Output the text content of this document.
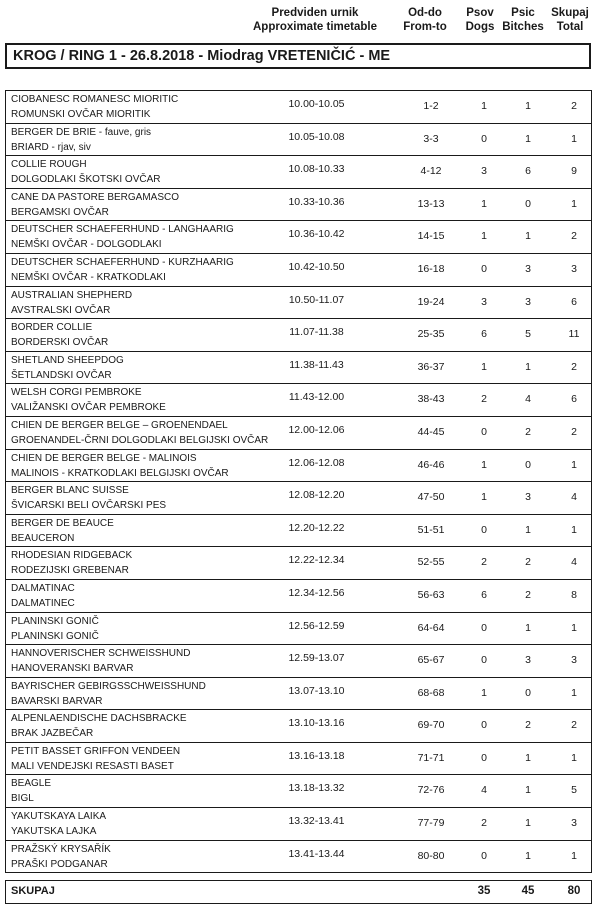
Predviden urnik
Approximate timetable
Od-do
From-to
Psov
Dogs
Psic
Bitches
Skupaj
Total
KROG / RING 1 - 26.8.2018 - Miodrag VRETENIČIĆ - ME
CIOBANESC ROMANESC MIORITIC
ROMUNSKI OVČAR MIORITIK
10.00-10.05	1-2	1	1	2
BERGER DE BRIE - fauve, gris
BRIARD - rjav, siv
10.05-10.08	3-3	0	1	1
COLLIE ROUGH
DOLGODLAKI ŠKOTSKI OVČAR
10.08-10.33	4-12	3	6	9
CANE DA PASTORE BERGAMASCO
BERGAMSKI OVČAR
10.33-10.36	13-13	1	0	1
DEUTSCHER SCHAEFERHUND - LANGHAARIG
NEMŠKI OVČAR - DOLGODLAKI
10.36-10.42	14-15	1	1	2
DEUTSCHER SCHAEFERHUND - KURZHAARIG
NEMŠKI OVČAR - KRATKODLAKI
10.42-10.50	16-18	0	3	3
AUSTRALIAN SHEPHERD
AVSTRALSKI OVČAR
10.50-11.07	19-24	3	3	6
BORDER COLLIE
BORDERSKI OVČAR
11.07-11.38	25-35	6	5	11
SHETLAND SHEEPDOG
ŠETLANDSKI OVČAR
11.38-11.43	36-37	1	1	2
WELSH CORGI PEMBROKE
VALIŽANSKI OVČAR PEMBROKE
11.43-12.00	38-43	2	4	6
CHIEN DE BERGER BELGE – GROENENDAEL
GROENANDEL-ČRNI DOLGODLAKI BELGIJSKI OVČAR
12.00-12.06	44-45	0	2	2
CHIEN DE BERGER BELGE - MALINOIS
MALINOIS - KRATKODLAKI BELGIJSKI OVČAR
12.06-12.08	46-46	1	0	1
BERGER BLANC SUISSE
ŠVICARSKI BELI OVČARSKI PES
12.08-12.20	47-50	1	3	4
BERGER DE BEAUCE
BEAUCERON
12.20-12.22	51-51	0	1	1
RHODESIAN RIDGEBACK
RODEZIJSKI GREBENAR
12.22-12.34	52-55	2	2	4
DALMATINAC
DALMATINEC
12.34-12.56	56-63	6	2	8
PLANINSKI GONIČ
PLANINSKI GONIČ
12.56-12.59	64-64	0	1	1
HANNOVERISCHER SCHWEISSHUND
HANOVERANSKI BARVAR
12.59-13.07	65-67	0	3	3
BAYRISCHER GEBIRGSSCHWEISSHUND
BAVARSKI BARVAR
13.07-13.10	68-68	1	0	1
ALPENLAENDISCHE DACHSBRACKE
BRAK JAZBEČAR
13.10-13.16	69-70	0	2	2
PETIT BASSET GRIFFON VENDEEN
MALI VENDEJSKI RESASTI BASET
13.16-13.18	71-71	0	1	1
BEAGLE
BIGL
13.18-13.32	72-76	4	1	5
YAKUTSKAYA LAIKA
YAKUTSKA LAJKA
13.32-13.41	77-79	2	1	3
PRAŽSKÝ KRYSAŘÍK
PRAŠKI PODGANAR
13.41-13.44	80-80	0	1	1
SKUPAJ	35	45	80
